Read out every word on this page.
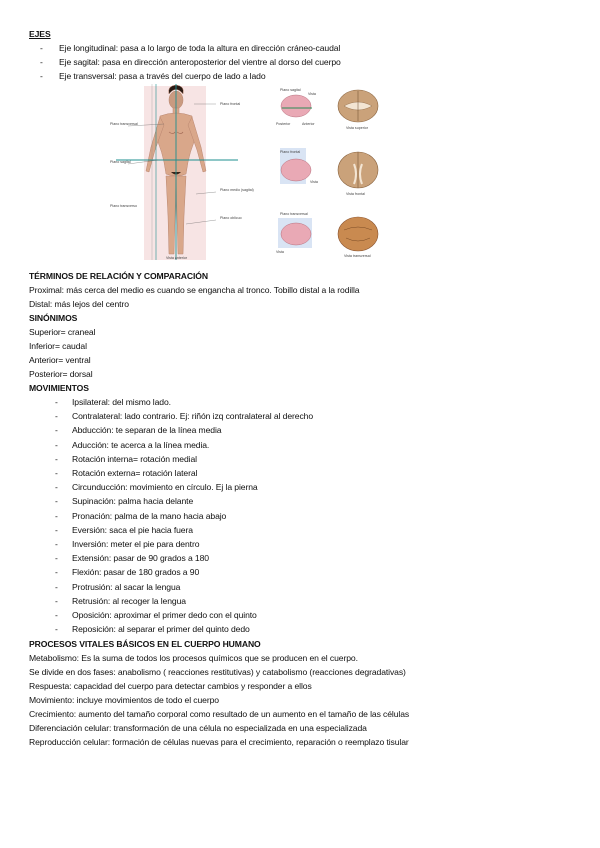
EJES
- Eje longitudinal: pasa a lo largo de toda la altura en dirección cráneo-caudal
- Eje sagital: pasa en dirección anteroposterior del vientre al dorso del cuerpo
- Eje transversal: pasa a través del cuerpo de lado a lado
Plano frontal
Plano transversal
Plano sagital
Plano medio (sagital)
Plano oblicuo
Plano transverso
Vista anterior
Plano sagital
Vista
Posterior	Anterior
Vista superior
Plano frontal
Vista
Vista frontal
Plano transversal
Vista
Vista transversal
TÉRMINOS DE RELACIÓN Y COMPARACIÓN
Proximal: más cerca del medio es cuando se engancha al tronco. Tobillo distal a la rodilla
Distal: más lejos del centro
SINÓNIMOS
Superior= craneal
Inferior= caudal
Anterior= ventral
Posterior= dorsal
MOVIMIENTOS
- Ipsilateral: del mismo lado.
- Contralateral: lado contrario. Ej: riñón izq contralateral al derecho
- Abducción: te separan de la línea media
- Aducción: te acerca a la línea media.
- Rotación interna= rotación medial
- Rotación externa= rotación lateral
- Circunducción: movimiento en círculo. Ej la pierna
- Supinación: palma hacia delante
- Pronación: palma de la mano hacia abajo
- Eversión: saca el pie hacia fuera
- Inversión: meter el pie para dentro
- Extensión: pasar de 90 grados a 180
- Flexión: pasar de 180 grados a 90
- Protrusión: al sacar la lengua
- Retrusión: al recoger la lengua
- Oposición: aproximar el primer dedo con el quinto
- Reposición: al separar el primer del quinto dedo
PROCESOS VITALES BÁSICOS EN EL CUERPO HUMANO
Metabolismo: Es la suma de todos los procesos químicos que se producen en el cuerpo.
Se divide en dos fases: anabolismo ( reacciones restitutivas) y catabolismo (reacciones degradativas)
Respuesta: capacidad del cuerpo para detectar cambios y responder a ellos
Movimiento: incluye movimientos de todo el cuerpo
Crecimiento: aumento del tamaño corporal como resultado de un aumento en el tamaño de las células
Diferenciación celular: transformación de una célula no especializada en una especializada
Reproducción celular: formación de células nuevas para el crecimiento, reparación o reemplazo tisular
